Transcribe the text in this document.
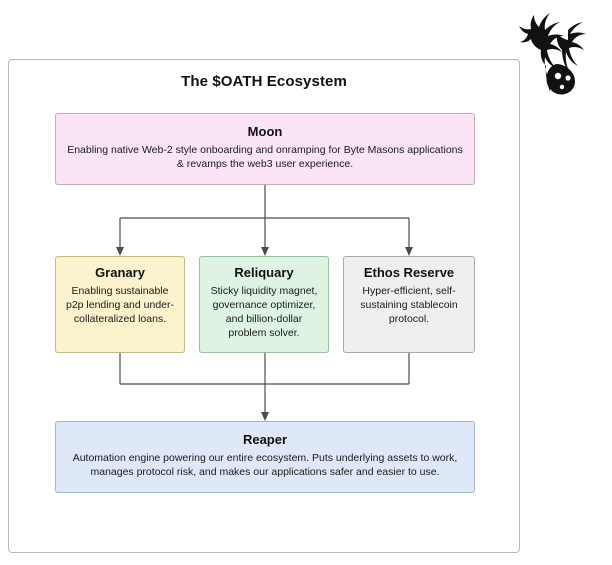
The $OATH Ecosystem
Moon
Enabling native Web-2 style onboarding and onramping for Byte Masons applications & revamps the web3 user experience.
Granary
Enabling sustainable p2p lending and under-collateralized loans.
Reliquary
Sticky liquidity magnet, governance optimizer, and billion-dollar problem solver.
Ethos Reserve
Hyper-efficient, self-sustaining stablecoin protocol.
Reaper
Automation engine powering our entire ecosystem. Puts underlying assets to work, manages protocol risk, and makes our applications safer and easier to use.
